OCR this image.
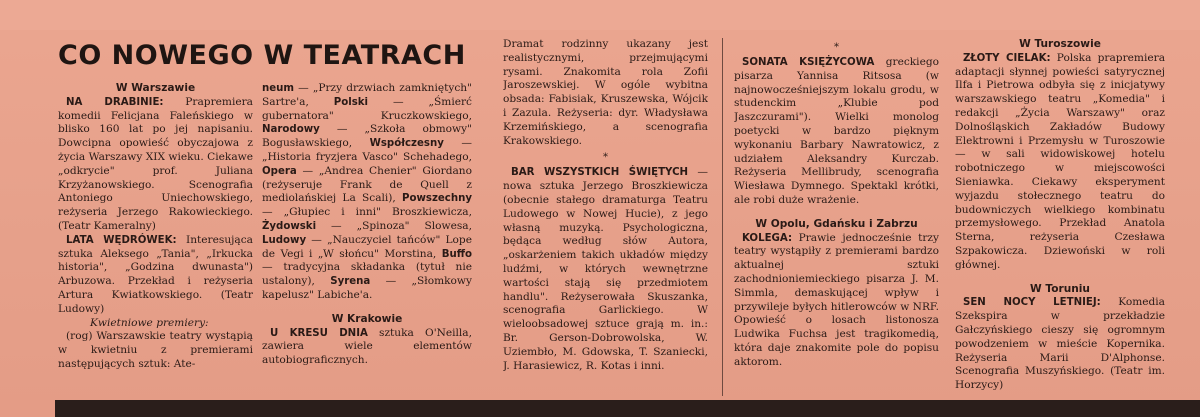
CO NOWEGO W TEATRACH
W Warszawie

NA DRABINIE: Prapremiera komedii Felicjana Faleńskiego w blisko 160 lat po jej napisaniu. Dowcipna opowieść obyczajowa z życia Warszawy XIX wieku. Ciekawe „odkrycie" prof. Juliana Krzyżanowskiego. Scenografia Antoniego Uniechowskiego, reżyseria Jerzego Rakowieckiego. (Teatr Kameralny)

LATA WĘDRÓWEK: Interesująca sztuka Aleksego „Tania", „Irkucka historia", „Godzina dwunasta") Arbuzowa. Przekład i reżyseria Artura Kwiatkowskiego. (Teatr Ludowy)

Kwietniowe premiery:

(rog) Warszawskie teatry wystąpią w kwietniu z premierami następujących sztuk: Ate-

neum — „Przy drzwiach zamkniętych" Sartre'a, Polski — „Śmierć gubernatora" Kruczkowskiego, Narodowy — „Szkoła obmowy" Bogusławskiego, Współczesny — „Historia fryzjera Vasco" Schehadego, Opera — „Andrea Chenier" Giordano (reżyseruje Frank de Quell z mediolańskiej La Scali), Powszechny — „Głupiec i inni" Broszkiewicza, Żydowski — „Spinoza" Slowesa, Ludowy — „Nauczyciel tańców" Lope de Vegi i „W słońcu" Morstina, Buffo — tradycyjna składanka (tytuł nie ustalony), Syrena — „Słomkowy kapelusz" Labiche'a.

W Krakowie

U KRESU DNIA sztuka O'Neilla, zawiera wiele elementów autobiograficznych.

Dramat rodzinny ukazany jest realistycznymi, przejmującymi rysami. Znakomita rola Zofii Jaroszewskiej. W ogóle wybitna obsada: Fabisiak, Kruszewska, Wójcik i Zazula. Reżyseria: dyr. Władysława Krzemińskiego, a scenografia Krakowskiego.

*

BAR WSZYSTKICH ŚWIĘTYCH — nowa sztuka Jerzego Broszkiewicza (obecnie stałego dramaturga Teatru Ludowego w Nowej Hucie), z jego własną muzyką. Psychologiczna, będąca według słów Autora, „oskarżeniem takich układów między ludźmi, w których wewnętrzne wartości stają się przedmiotem handlu". Reżyserowała Skuszanka, scenografia Garlickiego. W wieloobsadowej sztuce grają m. in.: Br. Gerson-Dobrowolska, W. Uziembło, M. Gdowska, T. Szaniecki, J. Harasiewicz, R. Kotas i inni.

*

SONATA KSIĘŻYCOWA greckiego pisarza Yannisa Ritsosa (w najnowocześniejszym lokalu grodu, w studenckim „Klubie pod Jaszczurami"). Wielki monolog poetycki w bardzo pięknym wykonaniu Barbary Nawratowicz, z udziałem Aleksandry Kurczab. Reżyseria Mellibrudy, scenografia Wiesława Dymnego. Spektakl krótki, ale robi duże wrażenie.

W Opolu, Gdańsku i Zabrzu

KOLEGA: Prawie jednocześnie trzy teatry wystąpiły z premierami bardzo aktualnej sztuki zachodnioniemieckiego pisarza J. M. Simmla, demaskującej wpływ i przywileje byłych hitlerowców w NRF. Opowieść o losach listonosza Ludwika Fuchsa jest tragikomedią, która daje znakomite pole do popisu aktorom.

W Turoszowie

ZŁOTY CIELAK: Polska prapremiera adaptacji słynnej powieści satyrycznej Ilfa i Pietrowa odbyła się z inicjatywy warszawskiego teatru „Komedia" i redakcji „Życia Warszawy" oraz Dolnośląskich Zakładów Budowy Elektrowni i Przemysłu w Turoszowie — w sali widowiskowej hotelu robotniczego w miejscowości Sieniawka. Ciekawy eksperyment wyjazdu stołecznego teatru do budowniczych wielkiego kombinatu przemysłowego. Przekład Anatola Sterna, reżyseria Czesława Szpakowicza. Dziewoński w roli głównej.

W Toruniu

SEN NOCY LETNIEJ: Komedia Szekspira w przekładzie Gałczyńskiego cieszy się ogromnym powodzeniem w mieście Kopernika. Reżyseria Marii D'Alphonse. Scenografia Muszyńskiego. (Teatr im. Horzycy)
